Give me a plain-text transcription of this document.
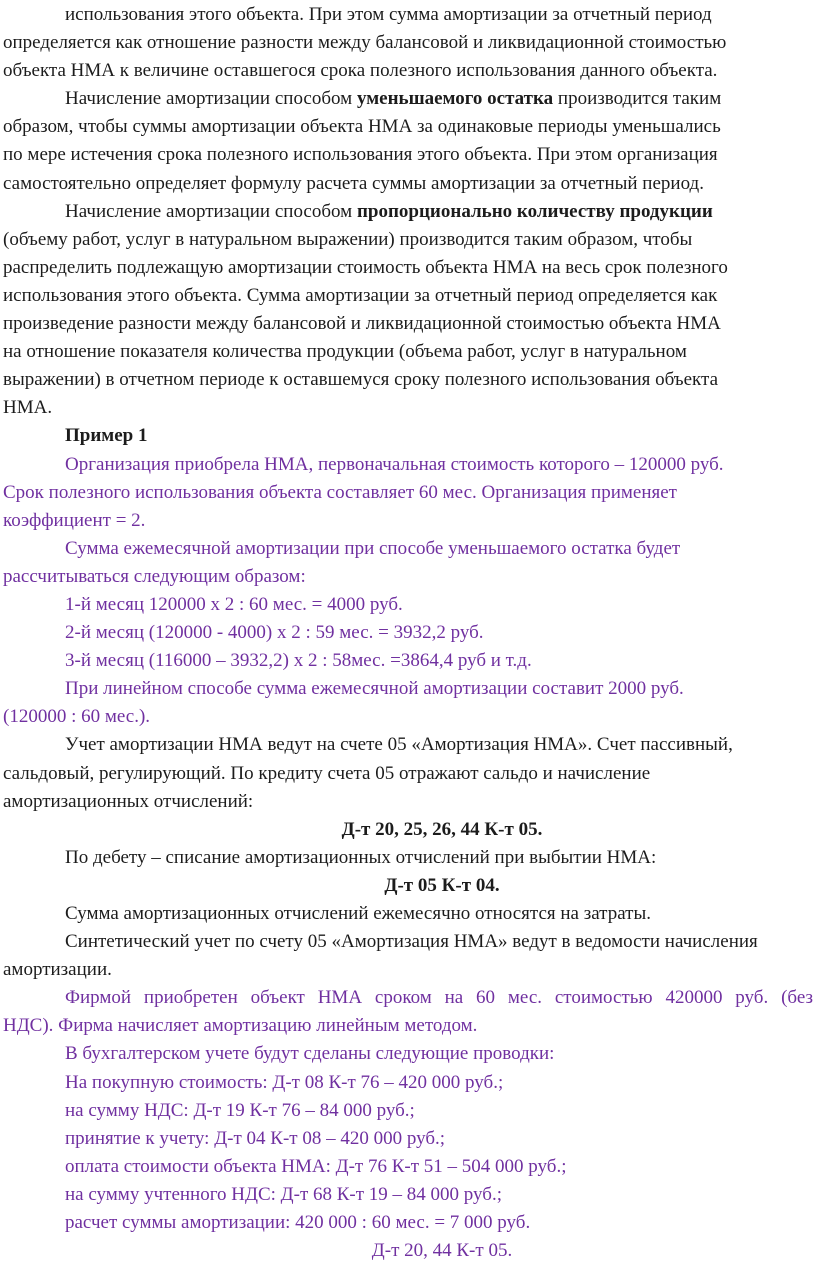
использования этого объекта. При этом сумма амортизации за отчетный период
определяется как отношение разности между балансовой и ликвидационной стоимостью
объекта НМА к величине оставшегося срока полезного использования данного объекта.
Начисление амортизации способом уменьшаемого остатка производится таким
образом, чтобы суммы амортизации объекта НМА за одинаковые периоды уменьшались
по мере истечения срока полезного использования этого объекта. При этом организация
самостоятельно определяет формулу расчета суммы амортизации за отчетный период.
Начисление амортизации способом пропорционально количеству продукции
(объему работ, услуг в натуральном выражении) производится таким образом, чтобы
распределить подлежащую амортизации стоимость объекта НМА на весь срок полезного
использования этого объекта. Сумма амортизации за отчетный период определяется как
произведение разности между балансовой и ликвидационной стоимостью объекта НМА
на отношение показателя количества продукции (объема работ, услуг в натуральном
выражении) в отчетном периоде к оставшемуся сроку полезного использования объекта
НМА.
Пример 1
Организация приобрела НМА, первоначальная стоимость которого – 120000 руб.
Срок полезного использования объекта составляет 60 мес. Организация применяет
коэффициент = 2.
Сумма ежемесячной амортизации при способе уменьшаемого остатка будет
рассчитываться следующим образом:
1-й месяц 120000 х 2 : 60 мес. = 4000 руб.
2-й месяц (120000 - 4000) х 2 : 59 мес. = 3932,2 руб.
3-й месяц (116000 – 3932,2) х 2 : 58мес. =3864,4 руб и т.д.
При линейном способе сумма ежемесячной амортизации составит 2000 руб.
(120000 : 60 мес.).
Учет амортизации НМА ведут на счете 05 «Амортизация НМА». Счет пассивный,
сальдовый, регулирующий. По кредиту счета 05 отражают сальдо и начисление
амортизационных отчислений:
Д-т 20, 25, 26, 44 К-т 05.
По дебету – списание амортизационных отчислений при выбытии НМА:
Д-т 05 К-т 04.
Сумма амортизационных отчислений ежемесячно относятся на затраты.
Синтетический учет по счету 05 «Амортизация НМА» ведут в ведомости начисления
амортизации.
Фирмой приобретен объект НМА сроком на 60 мес. стоимостью 420000 руб. (без
НДС). Фирма начисляет амортизацию линейным методом.
В бухгалтерском учете будут сделаны следующие проводки:
На покупную стоимость: Д-т 08 К-т 76 – 420 000 руб.;
на сумму НДС: Д-т 19 К-т 76 – 84 000 руб.;
принятие к учету: Д-т 04 К-т 08 – 420 000 руб.;
оплата стоимости объекта НМА: Д-т 76 К-т 51 – 504 000 руб.;
на сумму учтенного НДС: Д-т 68 К-т 19 – 84 000 руб.;
расчет суммы амортизации: 420 000 : 60 мес. = 7 000 руб.
Д-т 20, 44 К-т 05.
